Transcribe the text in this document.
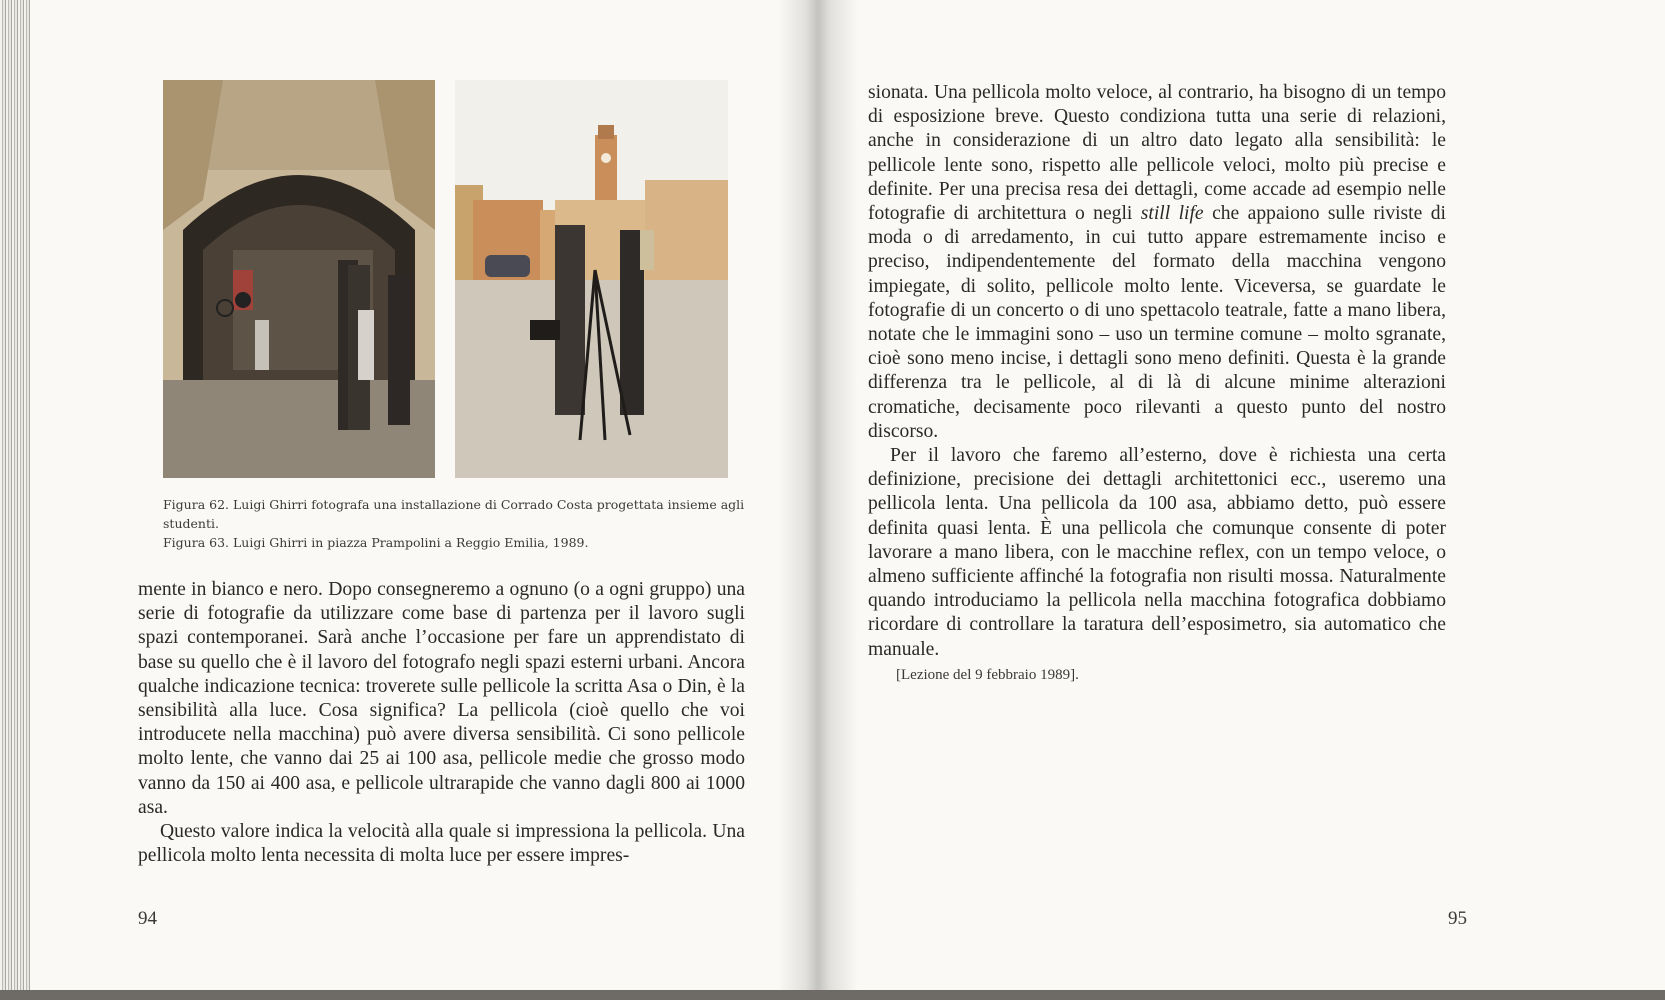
Figura 62. Luigi Ghirri fotografa una installazione di Corrado Costa progettata insieme agli studenti.

Figura 63. Luigi Ghirri in piazza Prampolini a Reggio Emilia, 1989.

mente in bianco e nero. Dopo consegneremo a ognuno (o a ogni gruppo) una serie di fotografie da utilizzare come base di partenza per il lavoro sugli spazi contemporanei. Sarà anche l’occasione per fare un apprendistato di base su quello che è il lavoro del fotografo negli spazi esterni urbani. Ancora qualche indicazione tecnica: troverete sulle pellicole la scritta Asa o Din, è la sensibilità alla luce. Cosa significa? La pellicola (cioè quello che voi introducete nella macchina) può avere diversa sensibilità. Ci sono pellicole molto lente, che vanno dai 25 ai 100 asa, pellicole medie che grosso modo vanno da 150 ai 400 asa, e pellicole ultrarapide che vanno dagli 800 ai 1000 asa.

Questo valore indica la velocità alla quale si impressiona la pellicola. Una pellicola molto lenta necessita di molta luce per essere impres-

94

sionata. Una pellicola molto veloce, al contrario, ha bisogno di un tempo di esposizione breve. Questo condiziona tutta una serie di relazioni, anche in considerazione di un altro dato legato alla sensibilità: le pellicole lente sono, rispetto alle pellicole veloci, molto più precise e definite. Per una precisa resa dei dettagli, come accade ad esempio nelle fotografie di architettura o negli still life che appaiono sulle riviste di moda o di arredamento, in cui tutto appare estremamente inciso e preciso, indipendentemente del formato della macchina vengono impiegate, di solito, pellicole molto lente. Viceversa, se guardate le fotografie di un concerto o di uno spettacolo teatrale, fatte a mano libera, notate che le immagini sono – uso un termine comune – molto sgranate, cioè sono meno incise, i dettagli sono meno definiti. Questa è la grande differenza tra le pellicole, al di là di alcune minime alterazioni cromatiche, decisamente poco rilevanti a questo punto del nostro discorso.

Per il lavoro che faremo all’esterno, dove è richiesta una certa definizione, precisione dei dettagli architettonici ecc., useremo una pellicola lenta. Una pellicola da 100 asa, abbiamo detto, può essere definita quasi lenta. È una pellicola che comunque consente di poter lavorare a mano libera, con le macchine reflex, con un tempo veloce, o almeno sufficiente affinché la fotografia non risulti mossa. Naturalmente quando introduciamo la pellicola nella macchina fotografica dobbiamo ricordare di controllare la taratura dell’esposimetro, sia automatico che manuale.

[Lezione del 9 febbraio 1989].
95
